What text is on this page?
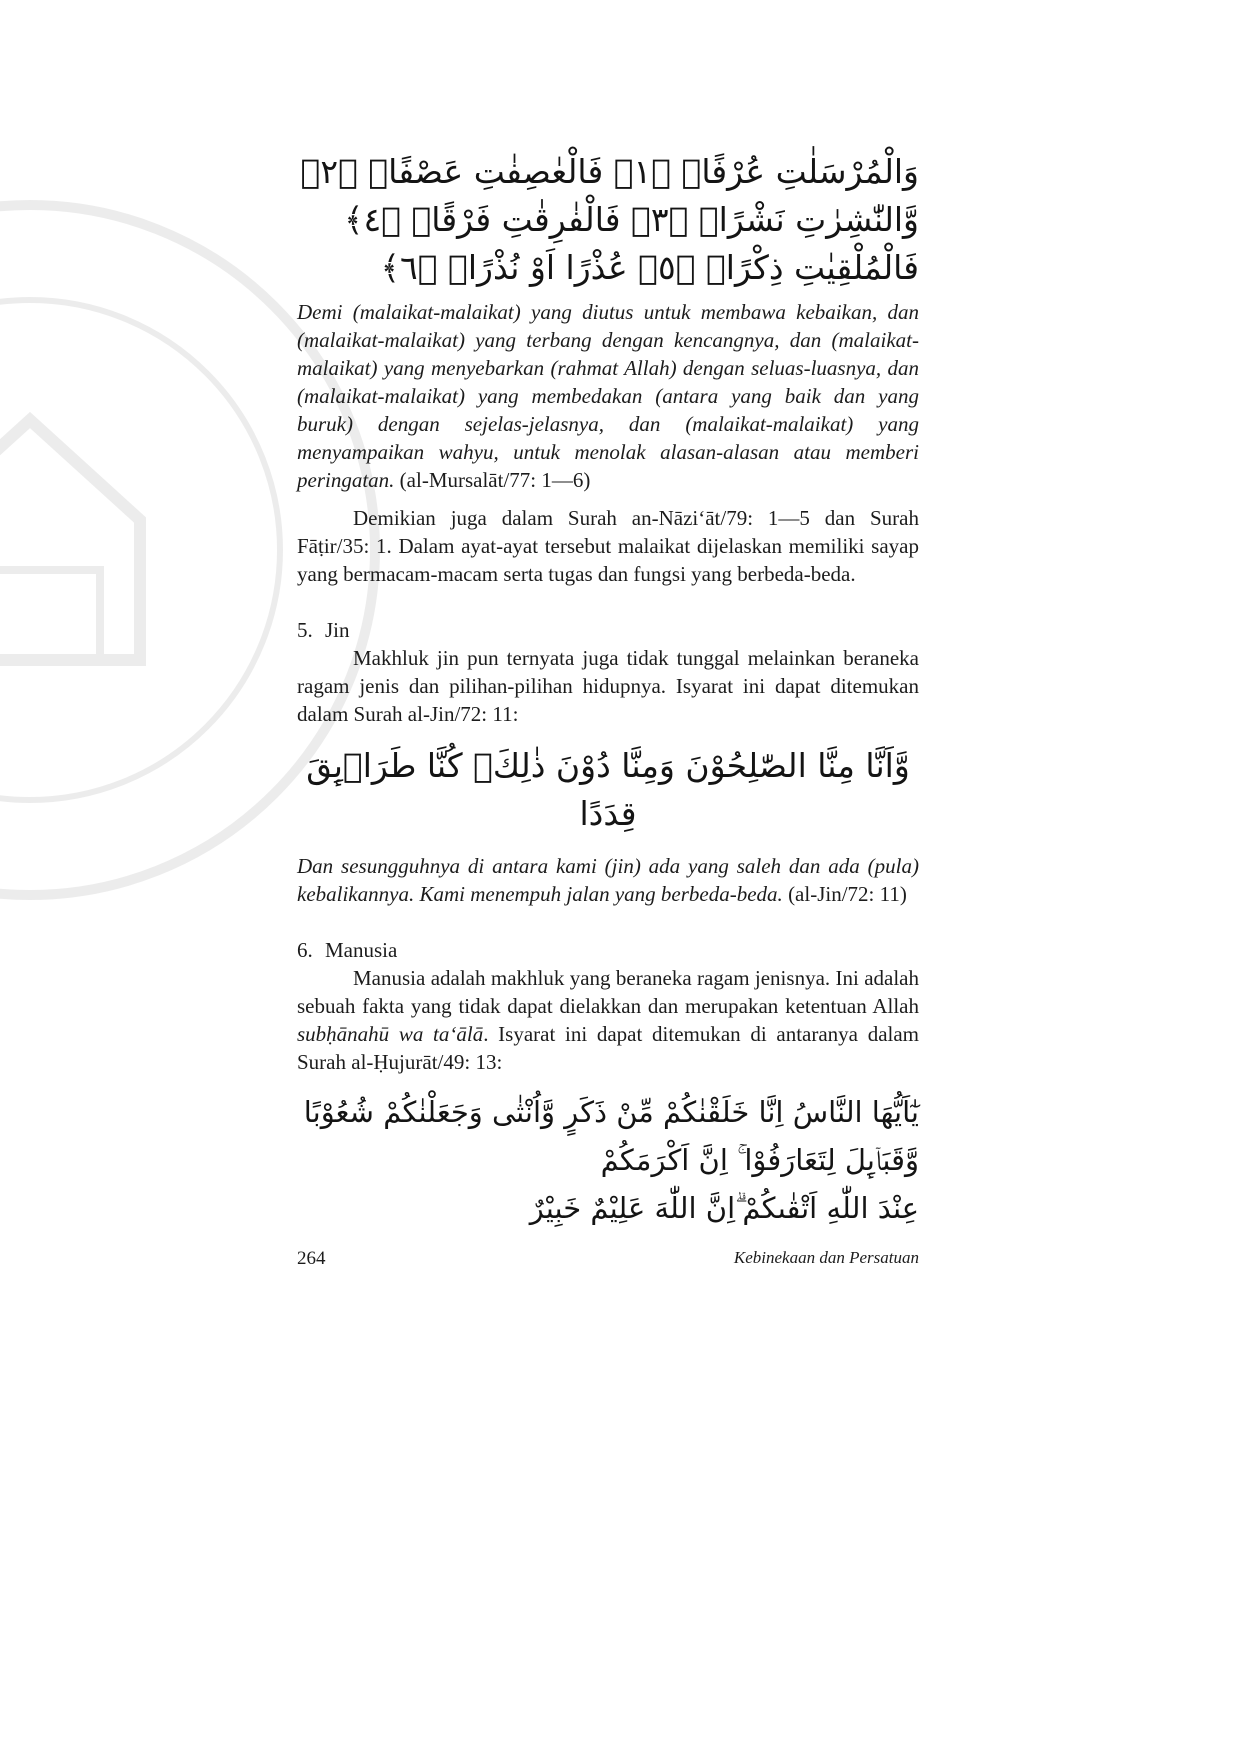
وَالْمُرْسَلٰتِ عُرْفًاۙ ﴿١﴾ فَالْعٰصِفٰتِ عَصْفًاۙ ﴿٢﴾ وَّالنّٰشِرٰتِ نَشْرًاۙ ﴿٣﴾ فَالْفٰرِقٰتِ فَرْقًاۙ ﴿٤﴾
فَالْمُلْقِيٰتِ ذِكْرًاۙ ﴿٥﴾ عُذْرًا اَوْ نُذْرًاۙ ﴿٦﴾

Demi (malaikat-malaikat) yang diutus untuk membawa kebaikan, dan (malaikat-malaikat) yang terbang dengan kencangnya, dan (malaikat-malaikat) yang menyebarkan (rahmat Allah) dengan seluas-luasnya, dan (malaikat-malaikat) yang membedakan (antara yang baik dan yang buruk) dengan sejelas-jelasnya, dan (malaikat-malaikat) yang menyampaikan wahyu, untuk menolak alasan-alasan atau memberi peringatan. (al-Mursalāt/77: 1—6)

Demikian juga dalam Surah an-Nāzi‘āt/79: 1—5 dan Surah Fāṭir/35: 1. Dalam ayat-ayat tersebut malaikat dijelaskan memiliki sayap yang bermacam-macam serta tugas dan fungsi yang berbeda-beda.

5. Jin

Makhluk jin pun ternyata juga tidak tunggal melainkan beraneka ragam jenis dan pilihan-pilihan hidupnya. Isyarat ini dapat ditemukan dalam Surah al-Jin/72: 11:

وَّاَنَّا مِنَّا الصّٰلِحُوْنَ وَمِنَّا دُوْنَ ذٰلِكَۗ كُنَّا طَرَاۤىِٕقَ قِدَدًا

Dan sesungguhnya di antara kami (jin) ada yang saleh dan ada (pula) kebalikannya. Kami menempuh jalan yang berbeda-beda. (al-Jin/72: 11)

6. Manusia

Manusia adalah makhluk yang beraneka ragam jenisnya. Ini adalah sebuah fakta yang tidak dapat dielakkan dan merupakan ketentuan Allah subḥānahū wa ta‘ālā. Isyarat ini dapat ditemukan di antaranya dalam Surah al-Ḥujurāt/49: 13:

يٰٓاَيُّهَا النَّاسُ اِنَّا خَلَقْنٰكُمْ مِّنْ ذَكَرٍ وَّاُنْثٰى وَجَعَلْنٰكُمْ شُعُوْبًا وَّقَبَاۤىِٕلَ لِتَعَارَفُوْا ۚ اِنَّ اَكْرَمَكُمْ
عِنْدَ اللّٰهِ اَتْقٰىكُمْ ۗاِنَّ اللّٰهَ عَلِيْمٌ خَبِيْرٌ
264	Kebinekaan dan Persatuan
